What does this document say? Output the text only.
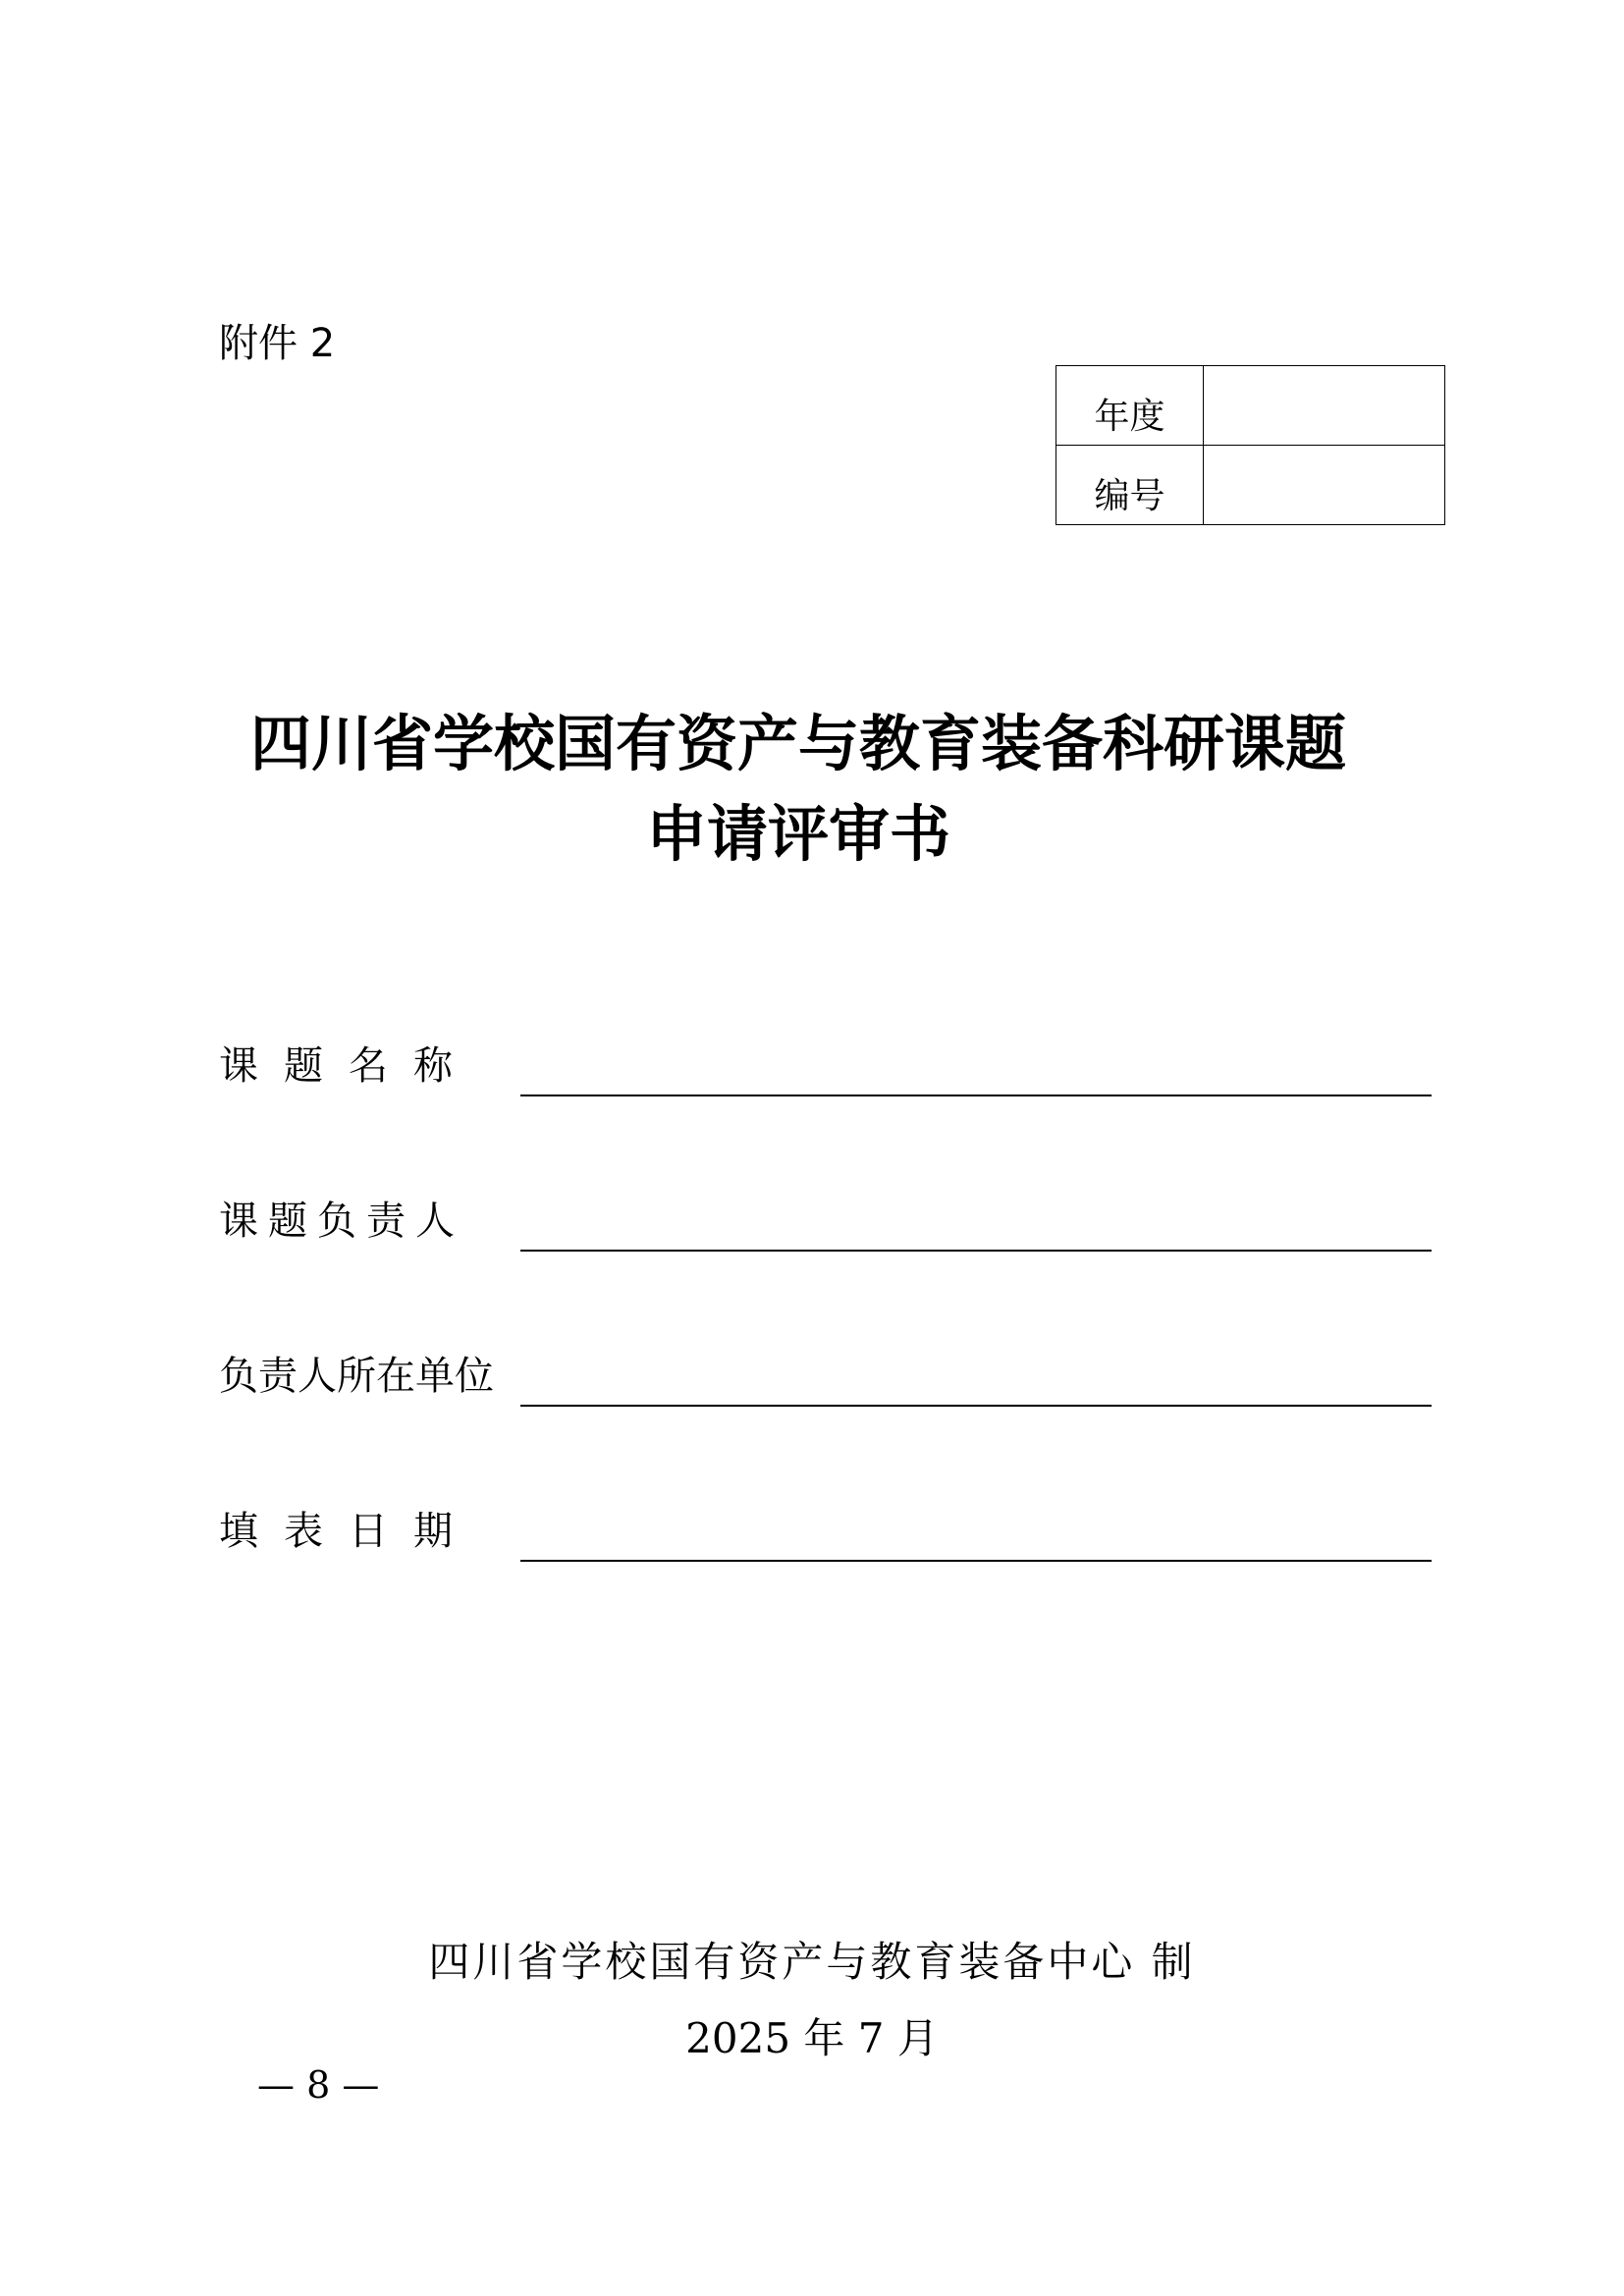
附件 2
年度
编号
四川省学校国有资产与教育装备科研课题
申请评审书
课题名称
课题负责人
负责人所在单位
填表日期
四川省学校国有资产与教育装备中心 制
2025 年 7 月
— 8 —
